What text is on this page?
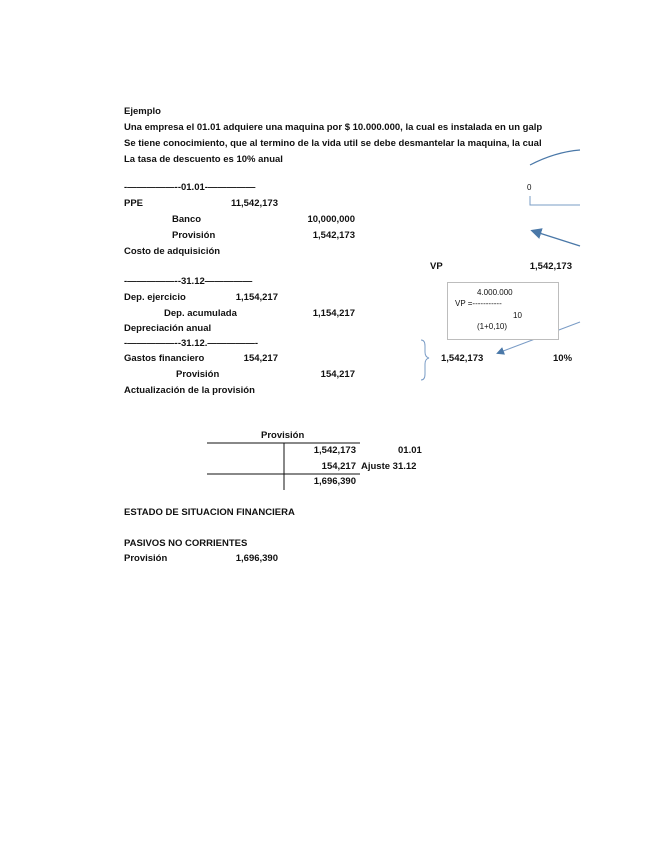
Ejemplo
Una empresa el 01.01 adquiere una maquina por $ 10.000.000, la cual es instalada en un galp
Se tiene conocimiento, que al termino de la vida util se debe desmantelar la maquina, la cual
La tasa de descuento es 10% anual
-—————--01.01-—————
PPE	11,542,173
Banco	10,000,000
Provisión	1,542,173
Costo de adquisición
-—————--31.12—————
Dep. ejercicio	1,154,217
Dep. acumulada	1,154,217
Depreciación anual
-—————--31.12.—————-
Gastos financiero	154,217
Provisión	154,217
Actualización de la provisión
0
VP	1,542,173
4.000.000
VP =-----------
10
(1+0,10)
1,542,173	10%
Provisión
1,542,173	01.01
154,217 Ajuste 31.12
1,696,390
ESTADO DE SITUACION FINANCIERA
PASIVOS NO CORRIENTES
Provisión	1,696,390
